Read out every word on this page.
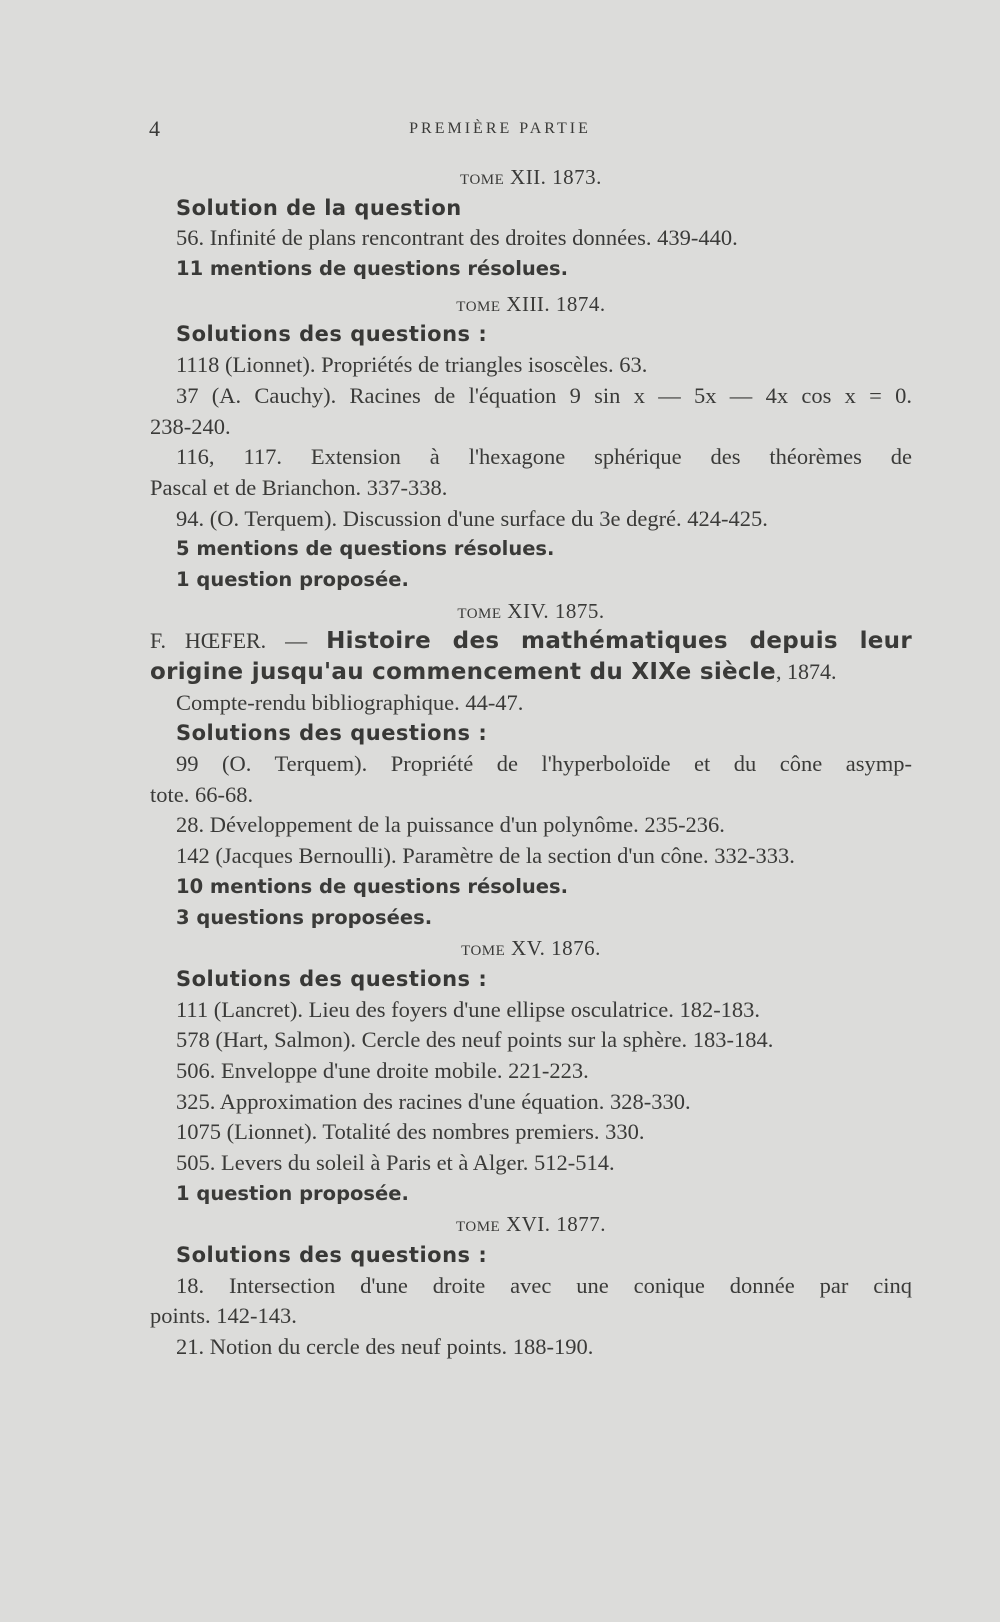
4	PREMIÈRE PARTIE
TOME XII. 1873.
Solution de la question
56. Infinité de plans rencontrant des droites données. 439-440.
11 mentions de questions résolues.
TOME XIII. 1874.
Solutions des questions :
1118 (Lionnet). Propriétés de triangles isoscèles. 63.
37 (A. Cauchy). Racines de l'équation 9 sin x — 5x — 4x cos x = 0.
238-240.
116, 117. Extension à l'hexagone sphérique des théorèmes de
Pascal et de Brianchon. 337-338.
94. (O. Terquem). Discussion d'une surface du 3e degré. 424-425.
5 mentions de questions résolues.
1 question proposée.
TOME XIV. 1875.
F. HŒFER. — Histoire des mathématiques depuis leur
origine jusqu'au commencement du XIXe siècle, 1874.
Compte-rendu bibliographique. 44-47.
Solutions des questions :
99 (O. Terquem). Propriété de l'hyperboloïde et du cône asymp-
tote. 66-68.
28. Développement de la puissance d'un polynôme. 235-236.
142 (Jacques Bernoulli). Paramètre de la section d'un cône. 332-333.
10 mentions de questions résolues.
3 questions proposées.
TOME XV. 1876.
Solutions des questions :
111 (Lancret). Lieu des foyers d'une ellipse osculatrice. 182-183.
578 (Hart, Salmon). Cercle des neuf points sur la sphère. 183-184.
506. Enveloppe d'une droite mobile. 221-223.
325. Approximation des racines d'une équation. 328-330.
1075 (Lionnet). Totalité des nombres premiers. 330.
505. Levers du soleil à Paris et à Alger. 512-514.
1 question proposée.
TOME XVI. 1877.
Solutions des questions :
18. Intersection d'une droite avec une conique donnée par cinq
points. 142-143.
21. Notion du cercle des neuf points. 188-190.
